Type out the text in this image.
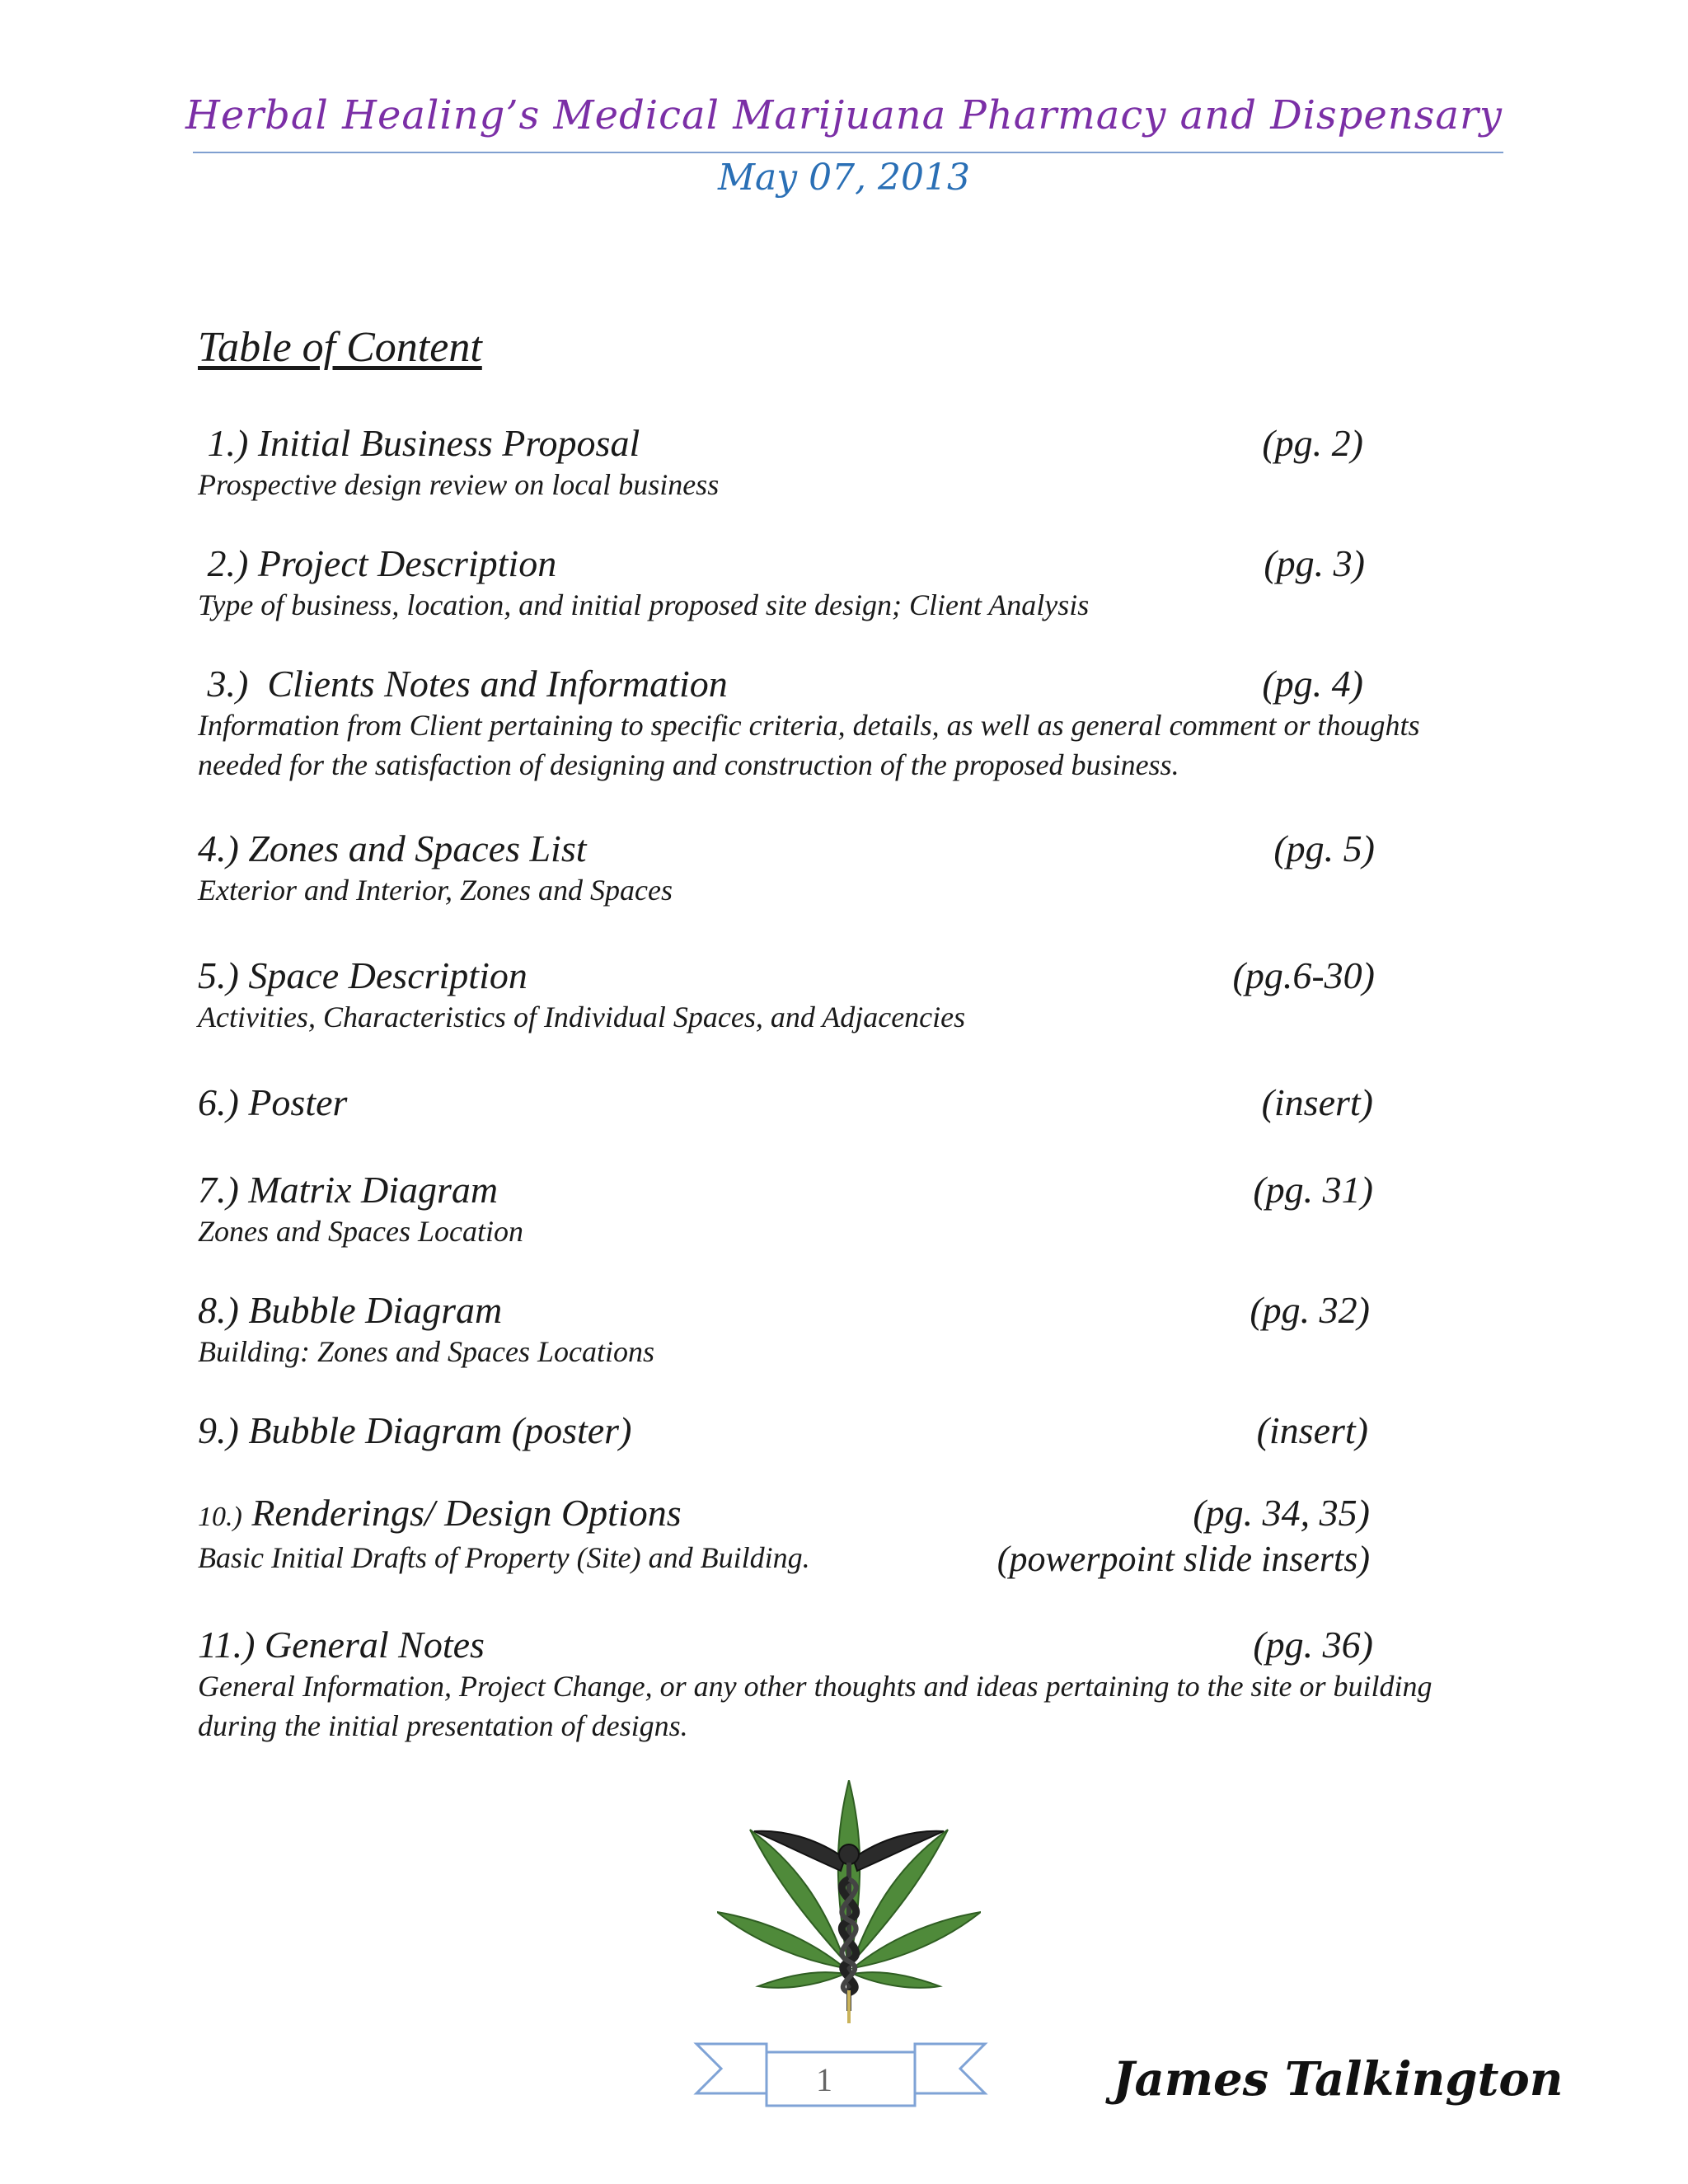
Herbal Healing’s Medical Marijuana Pharmacy and Dispensary
May 07, 2013
Table of Content
1.) Initial Business Proposal	(pg. 2)
Prospective design review on local business
2.) Project Description	(pg. 3)
Type of business, location, and initial proposed site design; Client Analysis
3.) Clients Notes and Information	(pg. 4)
Information from Client pertaining to specific criteria, details, as well as general comment or thoughts needed for the satisfaction of designing and construction of the proposed business.
4.) Zones and Spaces List	(pg. 5)
Exterior and Interior, Zones and Spaces
5.) Space Description	(pg.6-30)
Activities, Characteristics of Individual Spaces, and Adjacencies
6.) Poster	(insert)
7.) Matrix Diagram	(pg. 31)
Zones and Spaces Location
8.) Bubble Diagram	(pg. 32)
Building: Zones and Spaces Locations
9.) Bubble Diagram (poster)	(insert)
10.) Renderings/ Design Options	(pg. 34, 35)
Basic Initial Drafts of Property (Site) and Building.	(powerpoint slide inserts)
11.) General Notes	(pg. 36)
General Information, Project Change, or any other thoughts and ideas pertaining to the site or building during the initial presentation of designs.
1	James Talkington
